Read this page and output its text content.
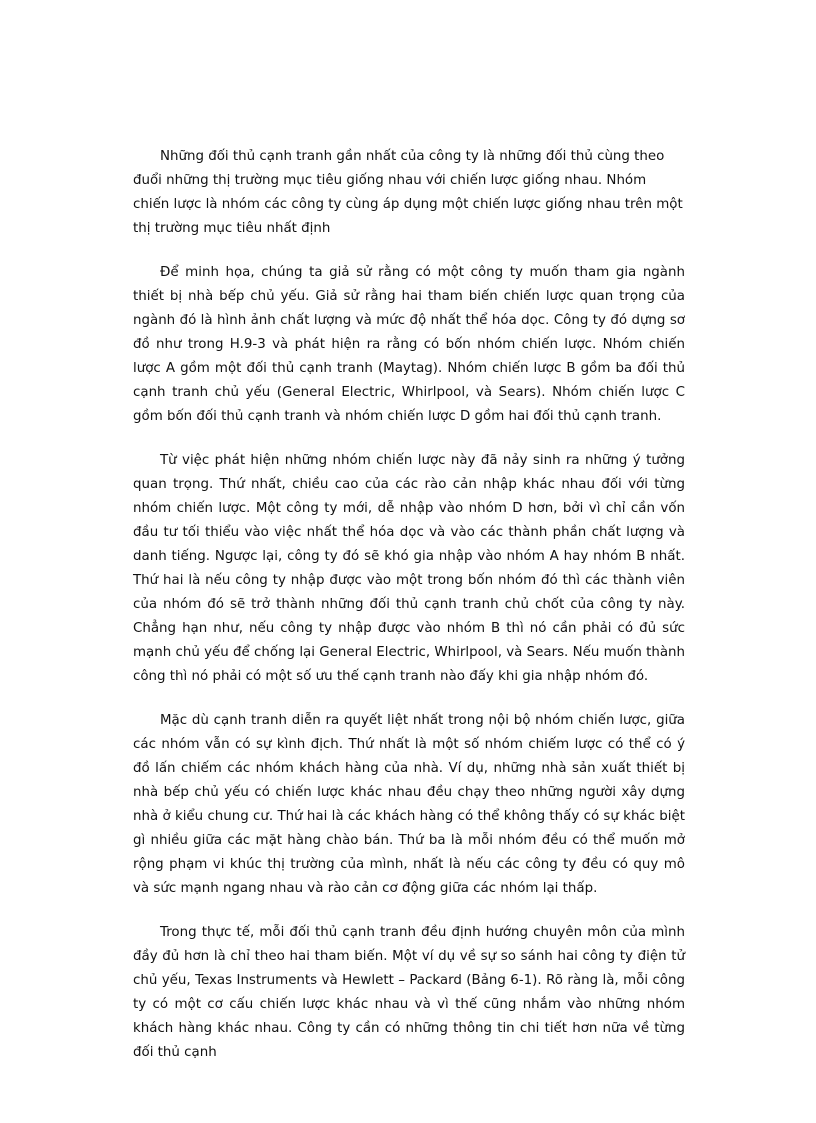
Những đối thủ cạnh tranh gần nhất của công ty là những đối thủ cùng theo đuổi những thị trường mục tiêu giống nhau với chiến lược giống nhau. Nhóm chiến lược là nhóm các công ty cùng áp dụng một chiến lược giống nhau trên một thị trường mục tiêu nhất định

Để minh họa, chúng ta giả sử rằng có một công ty muốn tham gia ngành thiết bị nhà bếp chủ yếu. Giả sử rằng hai tham biến chiến lược quan trọng của ngành đó là hình ảnh chất lượng và mức độ nhất thể hóa dọc. Công ty đó dựng sơ đồ như trong H.9-3 và phát hiện ra rằng có bốn nhóm chiến lược. Nhóm chiến lược A gồm một đối thủ cạnh tranh (Maytag). Nhóm chiến lược B gồm ba đối thủ cạnh tranh chủ yếu (General Electric, Whirlpool, và Sears). Nhóm chiến lược C gồm bốn đối thủ cạnh tranh và nhóm chiến lược D gồm hai đối thủ cạnh tranh.

Từ việc phát hiện những nhóm chiến lược này đã nảy sinh ra những ý tưởng quan trọng. Thứ nhất, chiều cao của các rào cản nhập khác nhau đối với từng nhóm chiến lược. Một công ty mới, dễ nhập vào nhóm D hơn, bởi vì chỉ cần vốn đầu tư tối thiểu vào việc nhất thể hóa dọc và vào các thành phần chất lượng và danh tiếng. Ngược lại, công ty đó sẽ khó gia nhập vào nhóm A hay nhóm B nhất. Thứ hai là nếu công ty nhập được vào một trong bốn nhóm đó thì các thành viên của nhóm đó sẽ trở thành những đối thủ cạnh tranh chủ chốt của công ty này. Chẳng hạn như, nếu công ty nhập được vào nhóm B thì nó cần phải có đủ sức mạnh chủ yếu để chống lại General Electric, Whirlpool, và Sears. Nếu muốn thành công thì nó phải có một số ưu thế cạnh tranh nào đấy khi gia nhập nhóm đó.

Mặc dù cạnh tranh diễn ra quyết liệt nhất trong nội bộ nhóm chiến lược, giữa các nhóm vẫn có sự kình địch. Thứ nhất là một số nhóm chiếm lược có thể có ý đồ lấn chiếm các nhóm khách hàng của nhà. Ví dụ, những nhà sản xuất thiết bị nhà bếp chủ yếu có chiến lược khác nhau đều chạy theo những người xây dựng nhà ở kiểu chung cư. Thứ hai là các khách hàng có thể không thấy có sự khác biệt gì nhiều giữa các mặt hàng chào bán. Thứ ba là mỗi nhóm đều có thể muốn mở rộng phạm vi khúc thị trường của mình, nhất là nếu các công ty đều có quy mô và sức mạnh ngang nhau và rào cản cơ động giữa các nhóm lại thấp.

Trong thực tế, mỗi đối thủ cạnh tranh đều định hướng chuyên môn của mình đầy đủ hơn là chỉ theo hai tham biến. Một ví dụ về sự so sánh hai công ty điện tử chủ yếu, Texas Instruments và Hewlett – Packard (Bảng 6-1). Rõ ràng là, mỗi công ty có một cơ cấu chiến lược khác nhau và vì thế cũng nhắm vào những nhóm khách hàng khác nhau. Công ty cần có những thông tin chi tiết hơn nữa về từng đối thủ cạnh
